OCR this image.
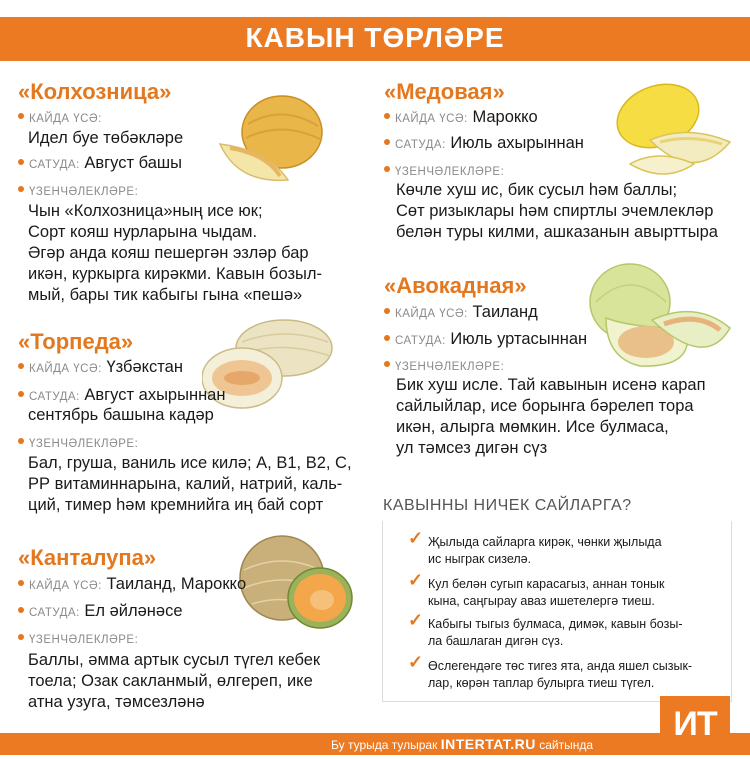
КАВЫН ТӨРЛӘРЕ
«Колхозница»
КАЙДА ҮСӘ:
Идел буе төбәкләре
САТУДА: Август башы
ҮЗЕНЧӘЛЕКЛӘРЕ:
Чын «Колхозница»ның исе юк;
Сорт кояш нурларына чыдам.
Әгәр анда кояш пешергән эзләр бар
икән, куркырга кирәкми. Кавын бозыл-
мый, бары тик кабыгы гына «пешә»
«Медовая»
КАЙДА ҮСӘ: Марокко
САТУДА: Июль ахырыннан
ҮЗЕНЧӘЛЕКЛӘРЕ:
Көчле хуш ис, бик сусыл һәм баллы;
Сөт ризыклары һәм спиртлы эчемлекләр
белән туры килми, ашказанын авырттыра
«Торпеда»
КАЙДА ҮСӘ: Үзбәкстан
САТУДА: Август ахырыннан
сентябрь башына кадәр
ҮЗЕНЧӘЛЕКЛӘРЕ:
Бал, груша, ваниль исе килә; А, В1, В2, С,
РР витаминнарына, калий, натрий, каль-
ций, тимер һәм кремнийга иң бай сорт
«Авокадная»
КАЙДА ҮСӘ: Таиланд
САТУДА: Июль уртасыннан
ҮЗЕНЧӘЛЕКЛӘРЕ:
Бик хуш исле. Тай кавынын исенә карап
сайлыйлар, исе борынга бәрелеп тора
икән, алырга мөмкин. Исе булмаса,
ул тәмсез дигән сүз
«Канталупа»
КАЙДА ҮСӘ: Таиланд, Марокко
САТУДА: Ел әйләнәсе
ҮЗЕНЧӘЛЕКЛӘРЕ:
Баллы, әмма артык сусыл түгел кебек
тоела; Озак сакланмый, өлгереп, ике
атна узуга, тәмсезләнә
КАВЫННЫ НИЧЕК САЙЛАРГА?
✓ Җылыда сайларга кирәк, чөнки җылыда
ис ныграк сизелә.
✓ Кул белән сугып карасагыз, аннан тонык
кына, саңгырау аваз ишетелергә тиеш.
✓ Кабыгы тыгыз булмаса, димәк, кавын бозы-
ла башлаган дигән сүз.
✓ Өслегендәге төс тигез ята, анда яшел сызык-
лар, көрән таплар булырга тиеш түгел.
Бу турыда тулырак INTERTAT.RU сайтында
ИТ
